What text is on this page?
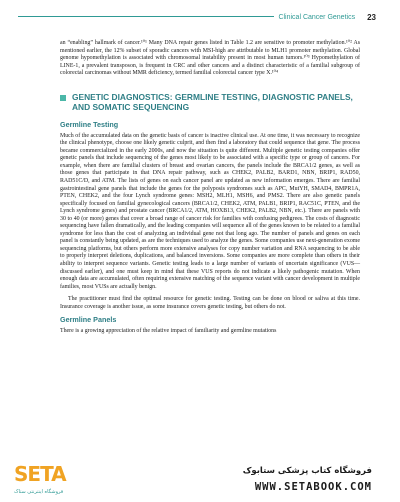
Clinical Cancer Genetics 23

an “enabling” hallmark of cancer.¹⁰¹ Many DNA repair genes listed in Table 1.2 are sensitive to promoter methylation.¹⁰² As mentioned earlier, the 12% subset of sporadic cancers with MSI-high are attributable to MLH1 promoter methylation. Global genome hypomethylation is associated with chromosomal instability present in most human tumors.¹⁰³ Hypomethylation of LINE-1, a prevalent transposon, is frequent in CRC and other cancers and a distinct characteristic of a familial subgroup of colorectal carcinomas without MMR deficiency, termed familial colorectal cancer type X.¹⁰⁴

GENETIC DIAGNOSTICS: GERMLINE TESTING, DIAGNOSTIC PANELS, AND SOMATIC SEQUENCING
Germline Testing

Much of the accumulated data on the genetic basis of cancer is inactive clinical use. At one time, it was necessary to recognize the clinical phenotype, choose one likely genetic culprit, and then find a laboratory that could sequence that gene. The process became commercialized in the early 2000s, and now the situation is quite different. Multiple genetic testing companies offer genetic panels that include sequencing of the genes most likely to be associated with a specific type or group of cancers. For example, when there are familial clusters of breast and ovarian cancers, the panels include the BRCA1/2 genes, as well as those genes that participate in that DNA repair pathway, such as CHEK2, PALB2, BARD1, NBN, BRIP1, RAD50, RAD51C/D, and ATM. The lists of genes on each cancer panel are updated as new information emerges. There are familial gastrointestinal gene panels that include the genes for the polyposis syndromes such as APC, MutYH, SMAD4, BMPR1A, PTEN, CHEK2, and the four Lynch syndrome genes: MSH2, MLH1, MSH6, and PMS2. There are also genetic panels specifically focused on familial gynecological cancers (BRCA1/2, CHEK2, ATM, PALB1, BRIP1, RAC51C, PTEN, and the Lynch syndrome genes) and prostate cancer (BRCA1/2, ATM, HOXB13, CHEK2, PALB2, NBN, etc.). There are panels with 30 to 40 (or more) genes that cover a broad range of cancer risk for families with confusing pedigrees. The costs of diagnostic sequencing have fallen dramatically, and the leading companies will sequence all of the genes known to be related to a familial syndrome for less than the cost of analyzing an individual gene not that long ago. The number of panels and genes on each panel is constantly being updated, as are the techniques used to analyze the genes. Some companies use next-generation exome sequencing platforms, but others perform more extensive analyses for copy number variation and RNA sequencing to be able to properly interpret deletions, duplications, and balanced inversions. Some companies are more complete than others in their ability to interpret sequence variants. Genetic testing leads to a large number of variants of uncertain significance (VUS—discussed earlier), and one must keep in mind that these VUS reports do not indicate a likely pathogenic mutation. When enough data are accumulated, often requiring extensive matching of the sequence variant with cancer development in multiple families, most VUSs are actually benign.

The practitioner must find the optimal resource for genetic testing. Testing can be done on blood or saliva at this time. Insurance coverage is another issue, as some insurance covers genetic testing, but others do not.

Germline Panels

There is a growing appreciation of the relative impact of familiarity and germline mutations

SETA
فروشگاه اینترنتی ستاک
فروشگاه کتاب پزشکی ستابوک
WWW.SETABOOK.COM
